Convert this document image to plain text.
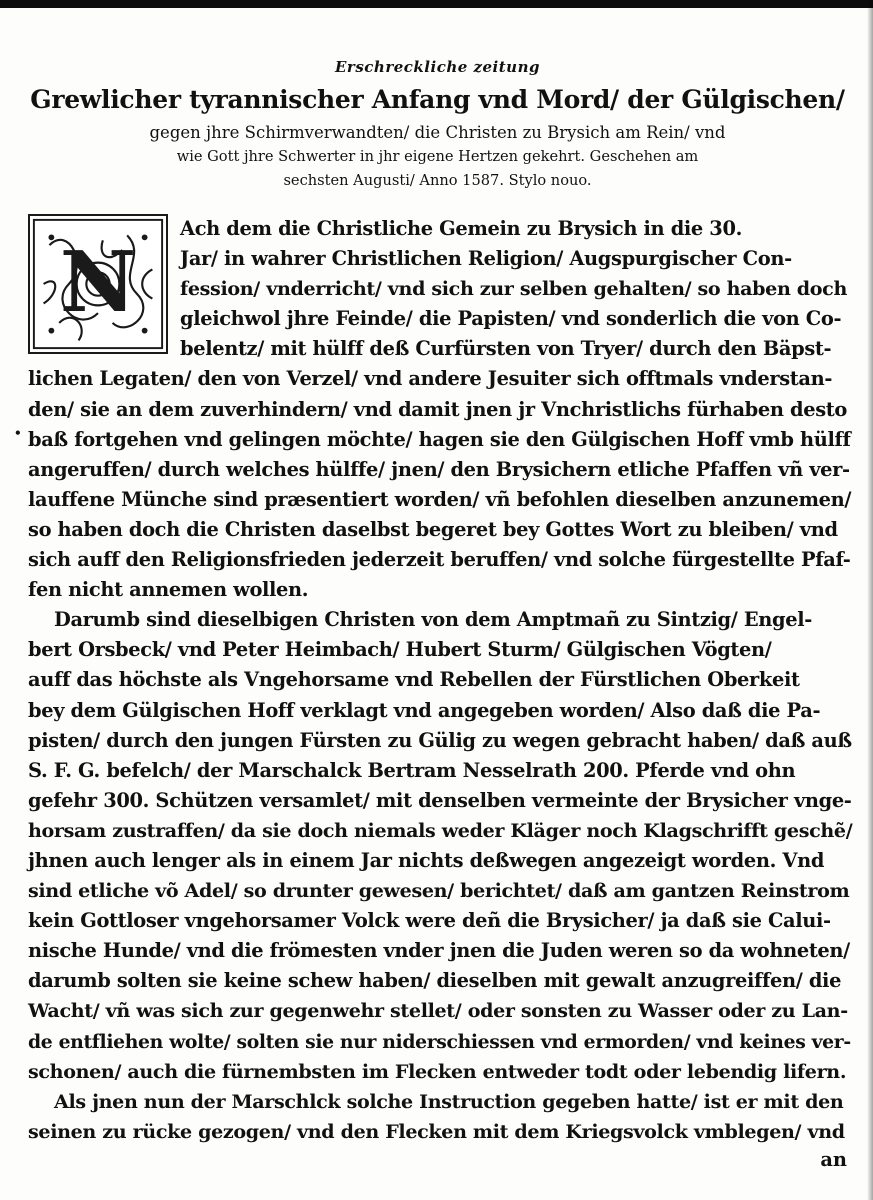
Erschreckliche zeitung
Grewlicher tyrannischer Anfang vnd Mord/ der Gülgischen/
gegen jhre Schirmverwandten/ die Christen zu Brysich am Rein/ vnd
wie Gott jhre Schwerter in jhr eigene Hertzen gekehrt. Geschehen am
sechsten Augusti/ Anno 1587. Stylo nouo.
N
•
Ach dem die Christliche Gemein zu Brysich in die 30.
Jar/ in wahrer Christlichen Religion/ Augspurgischer Con-
fession/ vnderricht/ vnd sich zur selben gehalten/ so haben doch
gleichwol jhre Feinde/ die Papisten/ vnd sonderlich die von Co-
belentz/ mit hülff deß Curfürsten von Tryer/ durch den Bäpst-
lichen Legaten/ den von Verzel/ vnd andere Jesuiter sich offtmals vnderstan-
den/ sie an dem zuverhindern/ vnd damit jnen jr Vnchristlichs fürhaben desto
baß fortgehen vnd gelingen möchte/ hagen sie den Gülgischen Hoff vmb hülff
angeruffen/ durch welches hülffe/ jnen/ den Brysichern etliche Pfaffen vñ ver-
lauffene Münche sind præsentiert worden/ vñ befohlen dieselben anzunemen/
so haben doch die Christen daselbst begeret bey Gottes Wort zu bleiben/ vnd
sich auff den Religionsfrieden jederzeit beruffen/ vnd solche fürgestellte Pfaf-
fen nicht annemen wollen.
Darumb sind dieselbigen Christen von dem Amptmañ zu Sintzig/ Engel-
bert Orsbeck/ vnd Peter Heimbach/ Hubert Sturm/ Gülgischen Vögten/
auff das höchste als Vngehorsame vnd Rebellen der Fürstlichen Oberkeit
bey dem Gülgischen Hoff verklagt vnd angegeben worden/ Also daß die Pa-
pisten/ durch den jungen Fürsten zu Gülig zu wegen gebracht haben/ daß auß
S. F. G. befelch/ der Marschalck Bertram Nesselrath 200. Pferde vnd ohn
gefehr 300. Schützen versamlet/ mit denselben vermeinte der Brysicher vnge-
horsam zustraffen/ da sie doch niemals weder Kläger noch Klagschrifft geschẽ/
jhnen auch lenger als in einem Jar nichts deßwegen angezeigt worden. Vnd
sind etliche võ Adel/ so drunter gewesen/ berichtet/ daß am gantzen Reinstrom
kein Gottloser vngehorsamer Volck were deñ die Brysicher/ ja daß sie Calui-
nische Hunde/ vnd die frömesten vnder jnen die Juden weren so da wohneten/
darumb solten sie keine schew haben/ dieselben mit gewalt anzugreiffen/ die
Wacht/ vñ was sich zur gegenwehr stellet/ oder sonsten zu Wasser oder zu Lan-
de entfliehen wolte/ solten sie nur niderschiessen vnd ermorden/ vnd keines ver-
schonen/ auch die fürnembsten im Flecken entweder todt oder lebendig lifern.
Als jnen nun der Marschlck solche Instruction gegeben hatte/ ist er mit den
seinen zu rücke gezogen/ vnd den Flecken mit dem Kriegsvolck vmblegen/ vnd
an
